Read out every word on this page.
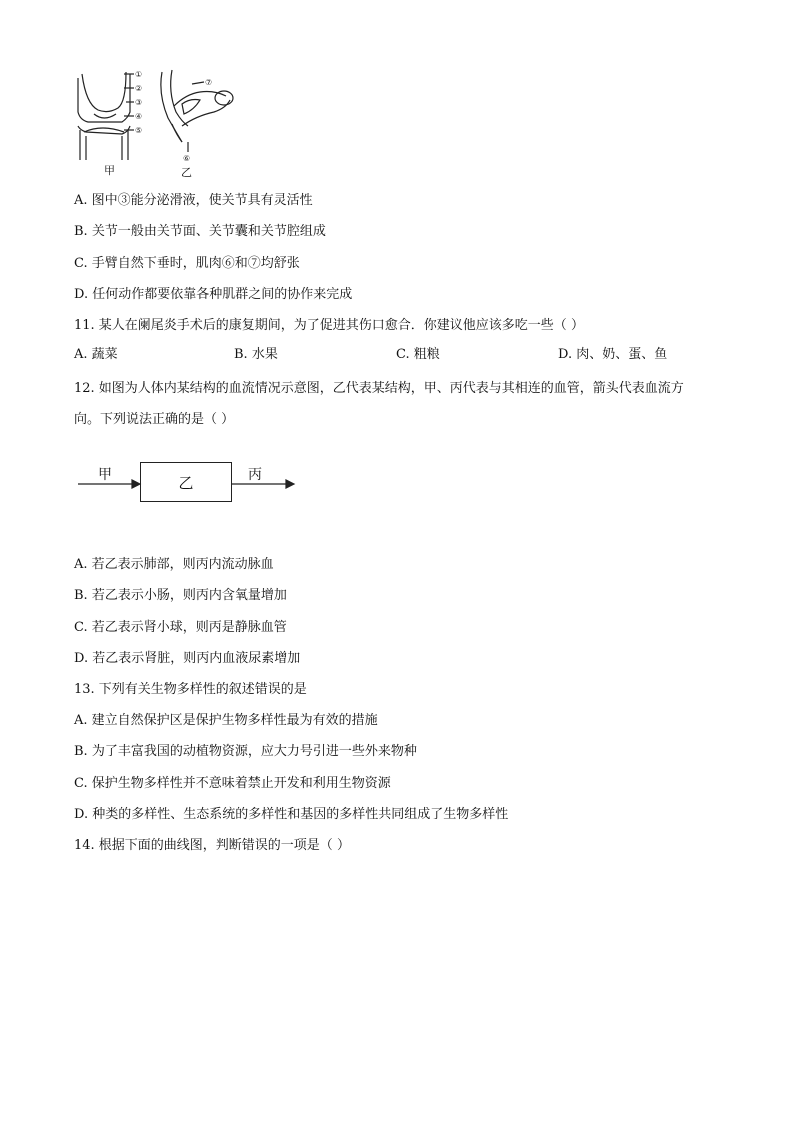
①
②
③
④
⑤
⑥
⑦
甲	乙
A. 图中③能分泌滑液，使关节具有灵活性
B. 关节一般由关节面、关节囊和关节腔组成
C. 手臂自然下垂时，肌肉⑥和⑦均舒张
D. 任何动作都要依靠各种肌群之间的协作来完成
11. 某人在阑尾炎手术后的康复期间，为了促进其伤口愈合．你建议他应该多吃一些（ ）
A. 蔬菜	B. 水果	C. 粗粮	D. 肉、奶、蛋、鱼
12. 如图为人体内某结构的血流情况示意图，乙代表某结构，甲、丙代表与其相连的血管，箭头代表血流方
向。下列说法正确的是（ ）
甲	乙	丙
A. 若乙表示肺部，则丙内流动脉血
B. 若乙表示小肠，则丙内含氧量增加
C. 若乙表示肾小球，则丙是静脉血管
D. 若乙表示肾脏，则丙内血液尿素增加
13. 下列有关生物多样性的叙述错误的是
A. 建立自然保护区是保护生物多样性最为有效的措施
B. 为了丰富我国的动植物资源，应大力号引进一些外来物种
C. 保护生物多样性并不意味着禁止开发和利用生物资源
D. 种类的多样性、生态系统的多样性和基因的多样性共同组成了生物多样性
14. 根据下面的曲线图，判断错误的一项是（ ）
